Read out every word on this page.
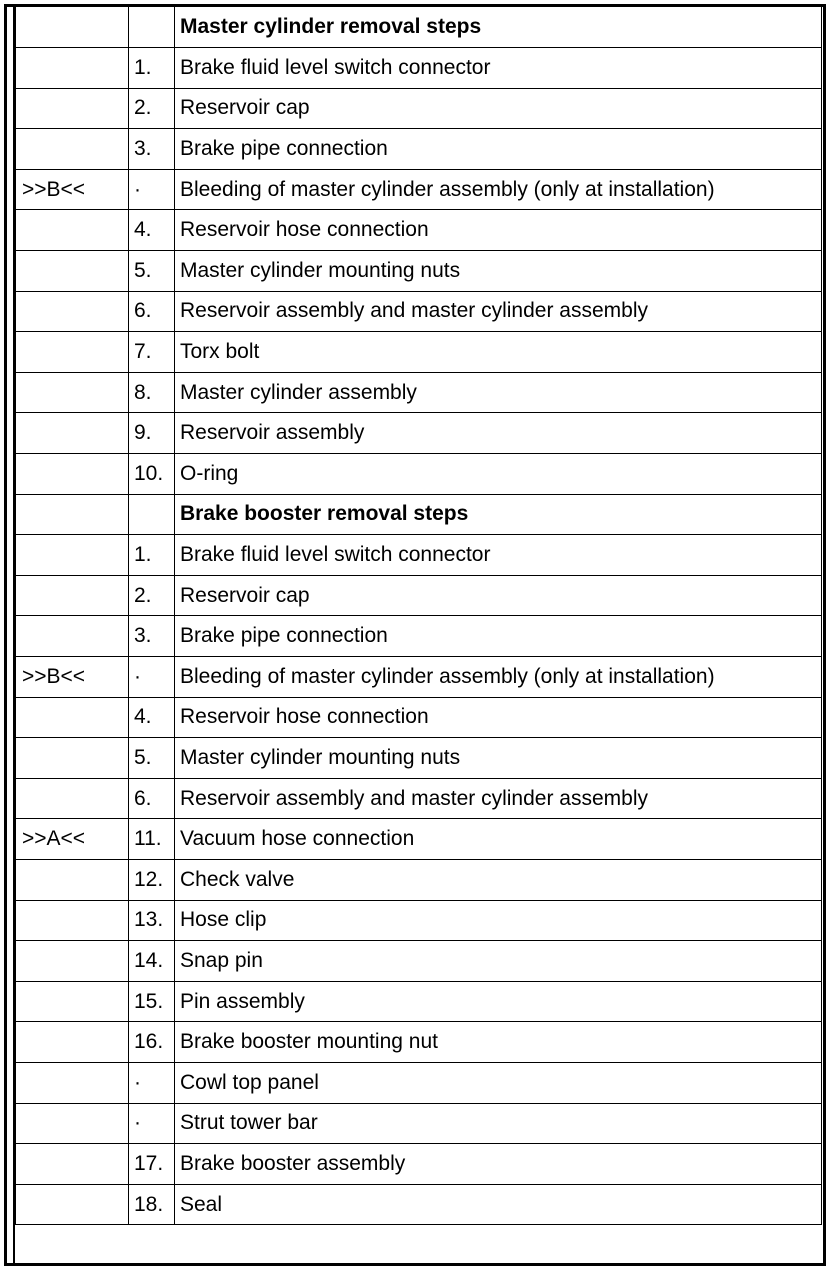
		Master cylinder removal steps
	1.	Brake fluid level switch connector
	2.	Reservoir cap
	3.	Brake pipe connection
>>B<<	·	Bleeding of master cylinder assembly (only at installation)
	4.	Reservoir hose connection
	5.	Master cylinder mounting nuts
	6.	Reservoir assembly and master cylinder assembly
	7.	Torx bolt
	8.	Master cylinder assembly
	9.	Reservoir assembly
	10.	O-ring
		Brake booster removal steps
	1.	Brake fluid level switch connector
	2.	Reservoir cap
	3.	Brake pipe connection
>>B<<	·	Bleeding of master cylinder assembly (only at installation)
	4.	Reservoir hose connection
	5.	Master cylinder mounting nuts
	6.	Reservoir assembly and master cylinder assembly
>>A<<	11.	Vacuum hose connection
	12.	Check valve
	13.	Hose clip
	14.	Snap pin
	15.	Pin assembly
	16.	Brake booster mounting nut
	·	Cowl top panel
	·	Strut tower bar
	17.	Brake booster assembly
	18.	Seal
